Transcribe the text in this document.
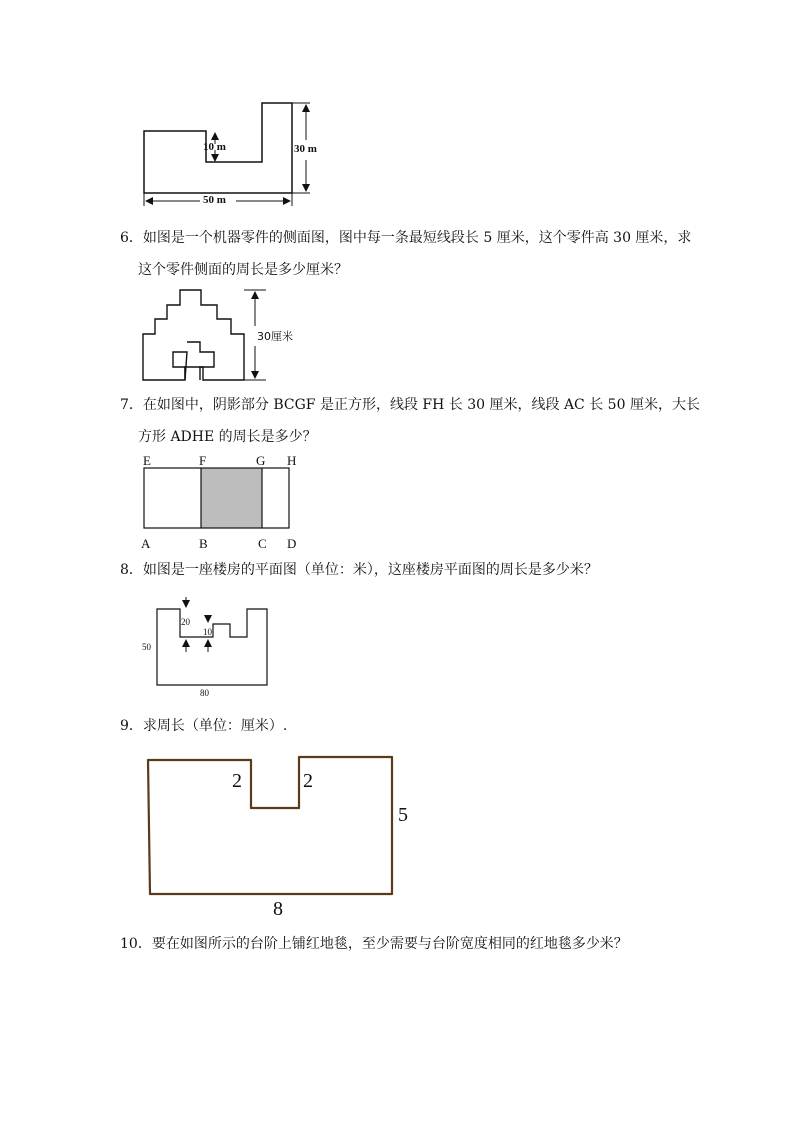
10 m	30 m
50 m
6．如图是一个机器零件的侧面图，图中每一条最短线段长 5 厘米，这个零件高 30 厘米，求
这个零件侧面的周长是多少厘米？
30厘米
7．在如图中，阴影部分 BCGF 是正方形，线段 FH 长 30 厘米，线段 AC 长 50 厘米，大长
方形 ADHE 的周长是多少？
E	F	G H
A	B	C D
8．如图是一座楼房的平面图（单位：米），这座楼房平面图的周长是多少米？
20
10
50
80
9．求周长（单位：厘米）.
2	2
5
8
10．要在如图所示的台阶上铺红地毯，至少需要与台阶宽度相同的红地毯多少米？
